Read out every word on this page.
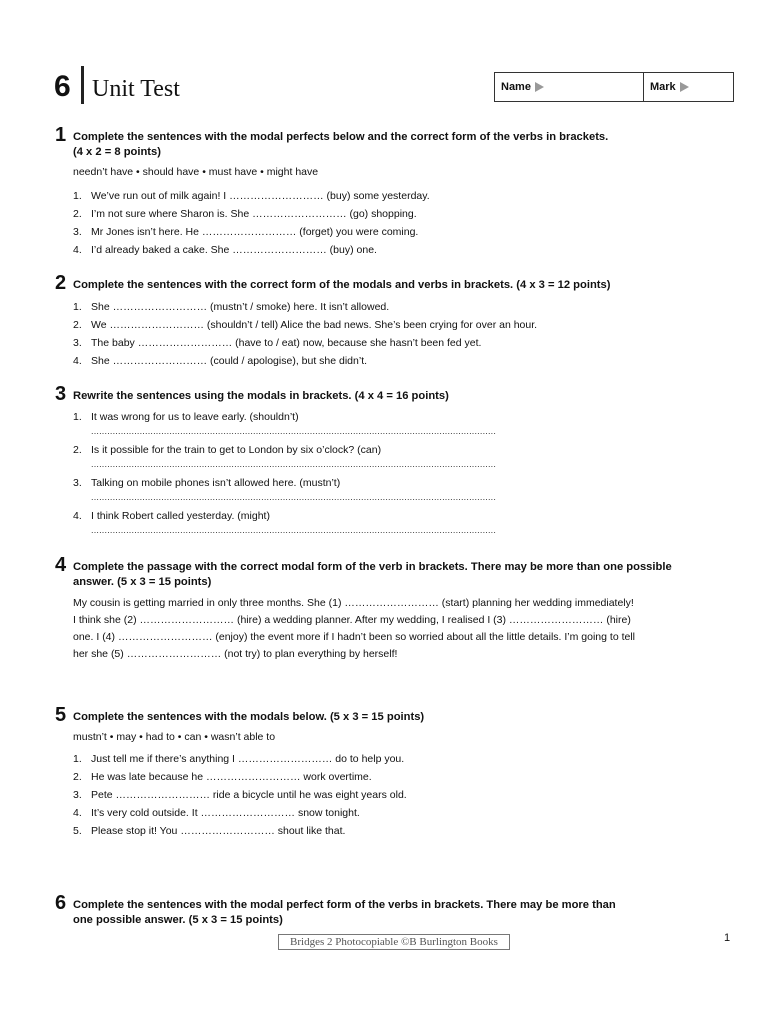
6 Unit Test	Name	Mark
1 Complete the sentences with the modal perfects below and the correct form of the verbs in brackets.
(4 x 2 = 8 points)
needn’t have • should have • must have • might have
1. We’ve run out of milk again! I ……………………… (buy) some yesterday.
2. I’m not sure where Sharon is. She ……………………… (go) shopping.
3. Mr Jones isn’t here. He ……………………… (forget) you were coming.
4. I’d already baked a cake. She ……………………… (buy) one.
2 Complete the sentences with the correct form of the modals and verbs in brackets. (4 x 3 = 12 points)
1. She ……………………… (mustn’t / smoke) here. It isn’t allowed.
2. We ……………………… (shouldn’t / tell) Alice the bad news. She’s been crying for over an hour.
3. The baby ……………………… (have to / eat) now, because she hasn’t been fed yet.
4. She ……………………… (could / apologise), but she didn’t.
3 Rewrite the sentences using the modals in brackets. (4 x 4 = 16 points)
1. It was wrong for us to leave early. (shouldn’t)
......................................................................................................................................................
2. Is it possible for the train to get to London by six o’clock? (can)
......................................................................................................................................................
3. Talking on mobile phones isn’t allowed here. (mustn’t)
......................................................................................................................................................
4. I think Robert called yesterday. (might)
......................................................................................................................................................
4 Complete the passage with the correct modal form of the verb in brackets. There may be more than one possible
answer. (5 x 3 = 15 points)
My cousin is getting married in only three months. She (1) ……………………… (start) planning her wedding immediately!
I think she (2) ……………………… (hire) a wedding planner. After my wedding, I realised I (3) ……………………… (hire)
one. I (4) ……………………… (enjoy) the event more if I hadn’t been so worried about all the little details. I’m going to tell
her she (5) ……………………… (not try) to plan everything by herself!
5 Complete the sentences with the modals below. (5 x 3 = 15 points)
mustn’t • may • had to • can • wasn’t able to
1. Just tell me if there’s anything I ……………………… do to help you.
2. He was late because he ……………………… work overtime.
3. Pete ……………………… ride a bicycle until he was eight years old.
4. It’s very cold outside. It ……………………… snow tonight.
5. Please stop it! You ……………………… shout like that.
6 Complete the sentences with the modal perfect form of the verbs in brackets. There may be more than
one possible answer. (5 x 3 = 15 points)
Bridges 2 Photocopiable ©B Burlington Books	1
